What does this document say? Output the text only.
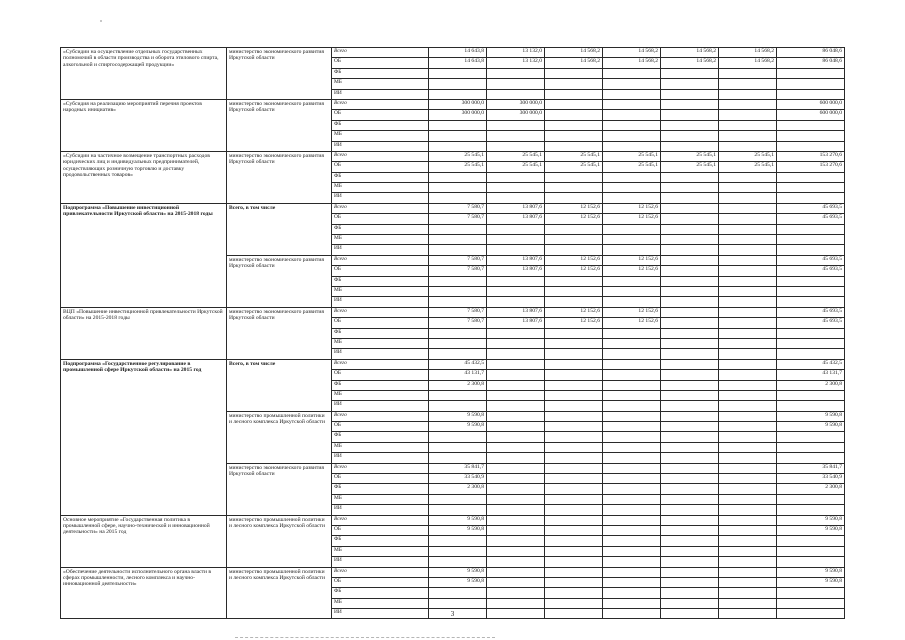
«Субсидии на осуществление отдельных государственных полномочий в области производства и оборота этилового спирта, алкогольной и спиртосодержащей продукции»	министерство экономического развития Иркутской области	Всего	14 643,8	13 132,0	14 568,2	14 568,2	14 568,2	14 568,2	86 048,6
		ОБ	14 643,8	13 132,0	14 568,2	14 568,2	14 568,2	14 568,2	86 048,6
		ФБ							
		МБ							
		ИИ							
«Субсидия на реализацию мероприятий перечня проектов народных инициатив»	министерство экономического развития Иркутской области	Всего	300 000,0	300 000,0					600 000,0
		ОБ	300 000,0	300 000,0					600 000,0
		ФБ							
		МБ							
		ИИ							
«Субсидии на частичное возмещение транспортных расходов юридических лиц и индивидуальных предпринимателей, осуществляющих розничную торговлю и доставку продовольственных товаров»	министерство экономического развития Иркутской области	Всего	25 545,1	25 545,1	25 545,1	25 545,1	25 545,1	25 545,1	153 270,6
		ОБ	25 545,1	25 545,1	25 545,1	25 545,1	25 545,1	25 545,1	153 270,6
		ФБ							
		МБ							
		ИИ							
Подпрограмма «Повышение инвестиционной привлекательности Иркутской области» на 2015-2018 годы	Всего, в том числе	Всего	7 580,7	13 807,6	12 152,6	12 152,6			45 693,5
		ОБ	7 580,7	13 807,6	12 152,6	12 152,6			45 693,5
		ФБ							
		МБ							
		ИИ							
	министерство экономического развития Иркутской области	Всего	7 580,7	13 807,6	12 152,6	12 152,6			45 693,5
		ОБ	7 580,7	13 807,6	12 152,6	12 152,6			45 693,5
		ФБ							
		МБ							
		ИИ							
ВЦП «Повышение инвестиционной привлекательности Иркутской области» на 2015-2018 годы	министерство экономического развития Иркутской области	Всего	7 580,7	13 807,6	12 152,6	12 152,6			45 693,5
		ОБ	7 580,7	13 807,6	12 152,6	12 152,6			45 693,5
		ФБ							
		МБ							
		ИИ							
Подпрограмма «Государственное регулирование в промышленной сфере Иркутской области» на 2015 год	Всего, в том числе	Всего	45 432,5						45 432,5
		ОБ	43 131,7						43 131,7
		ФБ	2 300,8						2 300,8
		МБ							
		ИИ							
	министерство промышленной политики и лесного комплекса Иркутской области	Всего	9 590,8						9 590,8
		ОБ	9 590,8						9 590,8
		ФБ							
		МБ							
		ИИ							
	министерство экономического развития Иркутской области	Всего	35 841,7						35 841,7
		ОБ	33 540,9						33 540,9
		ФБ	2 300,8						2 300,8
		МБ							
		ИИ							
Основное мероприятие «Государственная политика в промышленной сфере, научно-технической и инновационной деятельности» на 2015 год	министерство промышленной политики и лесного комплекса Иркутской области	Всего	9 590,8						9 590,8
		ОБ	9 590,8						9 590,8
		ФБ							
		МБ							
		ИИ							
«Обеспечение деятельности исполнительного органа власти в сферах промышленности, лесного комплекса и научно-инновационной деятельности»	министерство промышленной политики и лесного комплекса Иркутской области	Всего	9 590,8						9 590,8
		ОБ	9 590,8						9 590,8
		ФБ							
		МБ							
		ИИ								3
